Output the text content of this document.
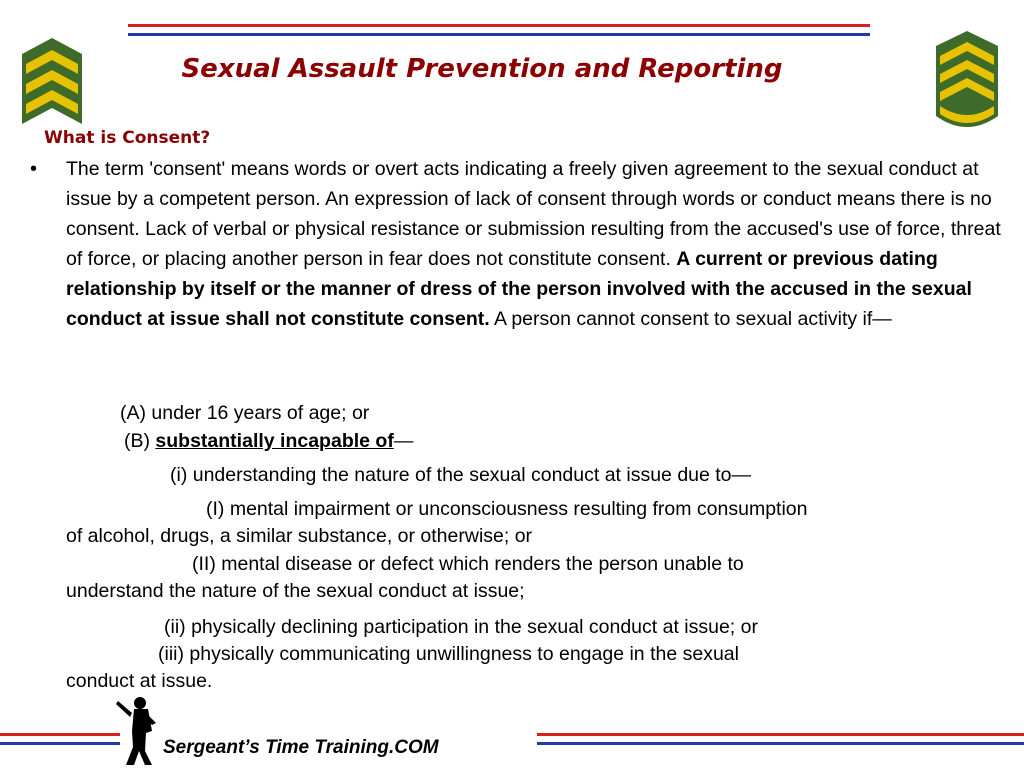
Sexual Assault Prevention and Reporting
What is Consent?
• The term 'consent' means words or overt acts indicating a freely given agreement to the sexual conduct at issue by a competent person. An expression of lack of consent through words or conduct means there is no consent. Lack of verbal or physical resistance or submission resulting from the accused's use of force, threat of force, or placing another person in fear does not constitute consent. A current or previous dating relationship by itself or the manner of dress of the person involved with the accused in the sexual conduct at issue shall not constitute consent. A person cannot consent to sexual activity if—
(A) under 16 years of age; or
(B) substantially incapable of—
(i) understanding the nature of the sexual conduct at issue due to—
(I) mental impairment or unconsciousness resulting from consumption
of alcohol, drugs, a similar substance, or otherwise; or
(II) mental disease or defect which renders the person unable to
understand the nature of the sexual conduct at issue;
(ii) physically declining participation in the sexual conduct at issue; or
(iii) physically communicating unwillingness to engage in the sexual
conduct at issue.
Sergeant’s Time Training.COM
